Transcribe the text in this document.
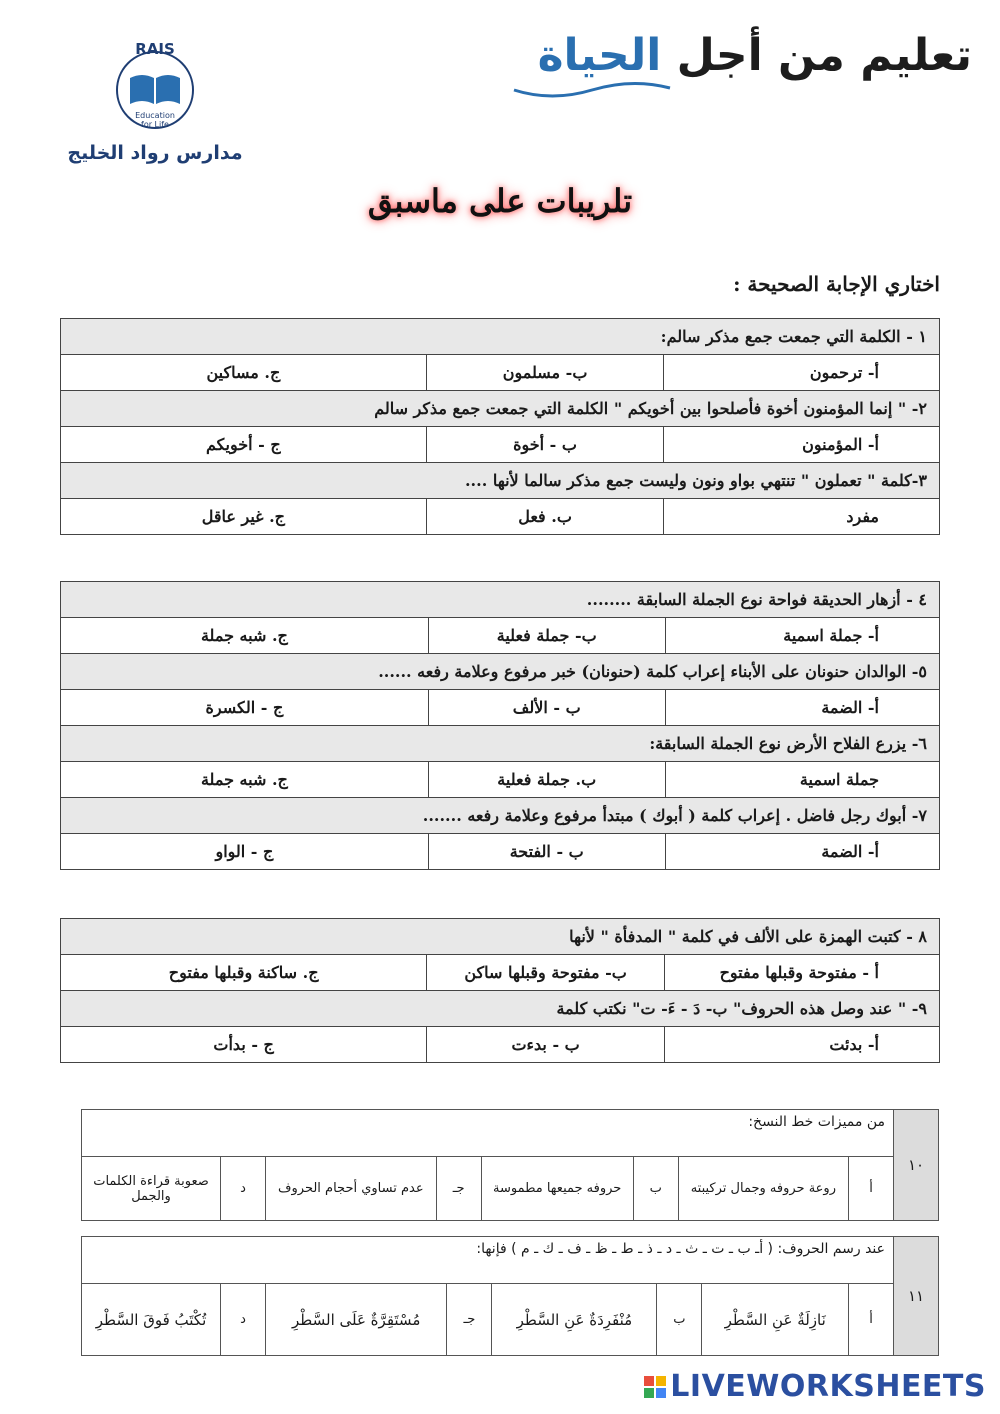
تعليم من أجل الحياة
RAIS
Education
for Life
مدارس رواد الخليج
تلريبات على ماسبق
اختاري الإجابة الصحيحة :
١ - الكلمة التي جمعت جمع مذكر سالم:		
أ- ترحمون	ب- مسلمون	ج. مساكين
٢- " إنما المؤمنون أخوة فأصلحوا بين أخويكم " الكلمة التي جمعت جمع مذكر سالم		
أ- المؤمنون	ب - أخوة	ج - أخويكم
٣-كلمة " تعملون " تنتهي بواو ونون وليست جمع مذكر سالما لأنها ....		
مفرد	ب. فعل	ج. غير عاقل
٤ - أزهار الحديقة فواحة نوع الجملة السابقة ........		
أ- جملة اسمية	ب- جملة فعلية	ج. شبه جملة
٥- الوالدان حنونان على الأبناء إعراب كلمة (حنونان) خبر مرفوع وعلامة رفعه ......		
أ- الضمة	ب - الألف	ج - الكسرة
٦- يزرع الفلاح الأرض نوع الجملة السابقة:		
جملة اسمية	ب. جملة فعلية	ج. شبه جملة
٧- أبوك رجل فاضل . إعراب كلمة ( أبوك ) مبتدأ مرفوع وعلامة رفعه .......		
أ- الضمة	ب - الفتحة	ج - الواو
٨ - كتبت الهمزة على الألف في كلمة " المدفأة " لأنها		
أ - مفتوحة وقبلها مفتوح	ب- مفتوحة وقبلها ساكن	ج. ساكنة وقبلها مفتوح
٩- " عند وصل هذه الحروف" ب- دَ - ءَ- ت" نكتب كلمة		
أ- بدئت	ب - بدءت	ج - بدأت
١٠	من مميزات خط النسخ:							
	أ	روعة حروفه وجمال تركيبته	ب	حروفه جميعها مطموسة	جـ	عدم تساوي أحجام الحروف	د	صعوبة قراءة الكلمات والجمل
١١	عند رسم الحروف: ( أـ ب ـ ت ـ ث ـ د ـ ذ ـ ط ـ ظ ـ ف ـ ك ـ م ) فإنها:							
	أ	نَازِلَةٌ عَنِ السَّطْرِ	ب	مُنْفَرِدَةٌ عَنِ السَّطْرِ	جـ	مُسْتَقِرَّةٌ عَلَى السَّطْرِ	د	تُكْتَبُ فَوقَ السَّطْرِ
LIVEWORKSHEETS
